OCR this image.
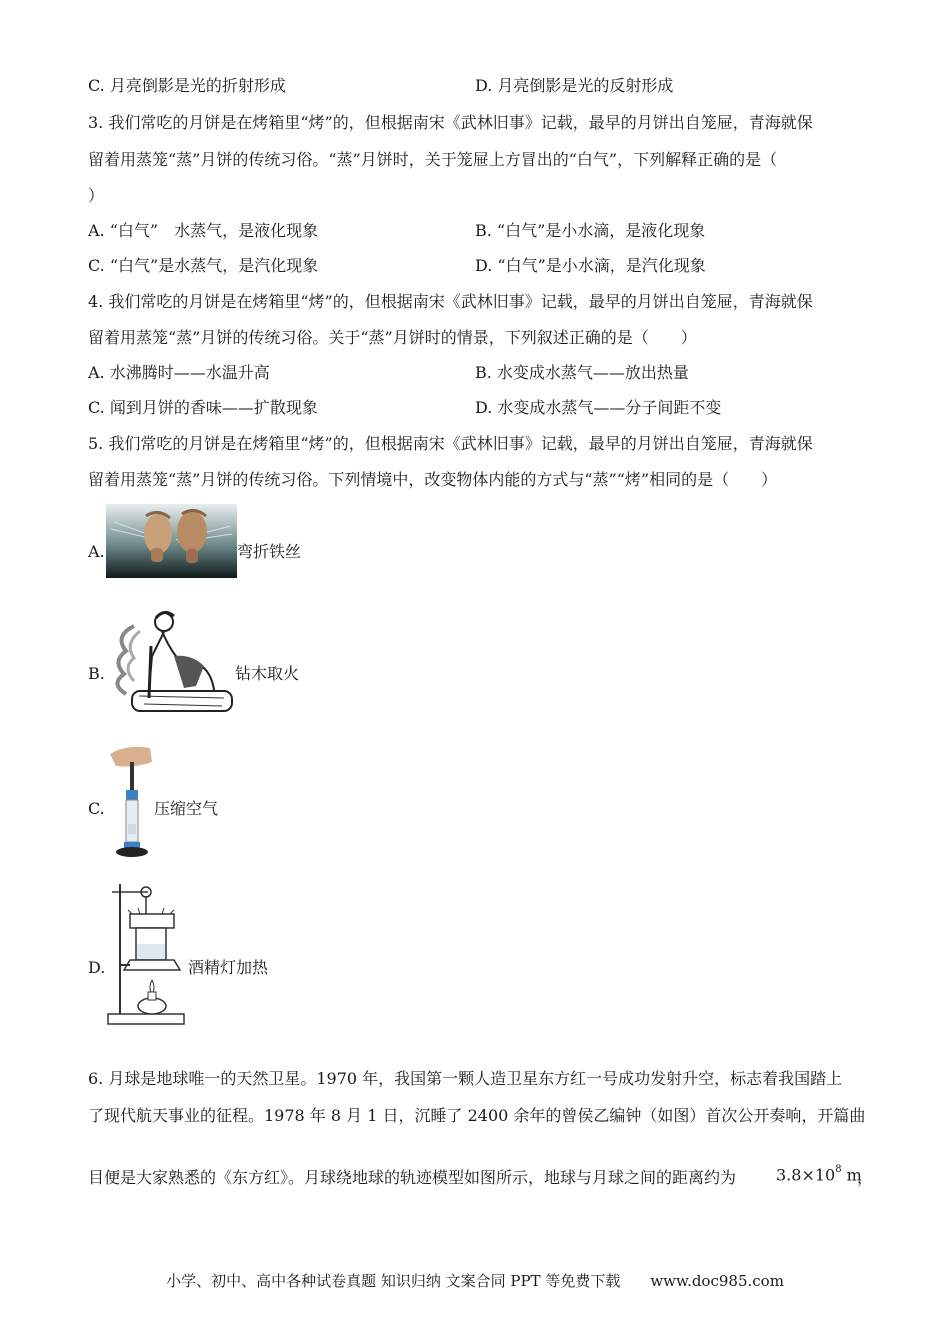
C. 月亮倒影是光的折射形成	D. 月亮倒影是光的反射形成
3. 我们常吃的月饼是在烤箱里“烤”的，但根据南宋《武林旧事》记载，最早的月饼出自笼屉，青海就保
留着用蒸笼“蒸”月饼的传统习俗。“蒸”月饼时，关于笼屉上方冒出的“白气”，下列解释正确的是（
）
A. “白气”　水蒸气，是液化现象	B. “白气”是小水滴，是液化现象
C. “白气”是水蒸气，是汽化现象	D. “白气”是小水滴，是汽化现象
4. 我们常吃的月饼是在烤箱里“烤”的，但根据南宋《武林旧事》记载，最早的月饼出自笼屉，青海就保
留着用蒸笼“蒸”月饼的传统习俗。关于“蒸”月饼时的情景，下列叙述正确的是（　　）
A. 水沸腾时——水温升高	B. 水变成水蒸气——放出热量
C. 闻到月饼的香味——扩散现象	D. 水变成水蒸气——分子间距不变
5. 我们常吃的月饼是在烤箱里“烤”的，但根据南宋《武林旧事》记载，最早的月饼出自笼屉，青海就保
留着用蒸笼“蒸”月饼的传统习俗。下列情境中，改变物体内能的方式与“蒸”“烤”相同的是（　　）
A.	弯折铁丝
B.	钻木取火
C.	压缩空气
D.	酒精灯加热
6. 月球是地球唯一的天然卫星。1970 年，我国第一颗人造卫星东方红一号成功发射升空，标志着我国踏上
了现代航天事业的征程。1978 年 8 月 1 日，沉睡了 2400 余年的曾侯乙编钟（如图）首次公开奏响，开篇曲
目便是大家熟悉的《东方红》。月球绕地球的轨迹模型如图所示，地球与月球之间的距离约为 $3.8\times 10^8$ m
，
小学、初中、高中各种试卷真题 知识归纳 文案合同 PPT 等免费下载　　www.doc985.com
